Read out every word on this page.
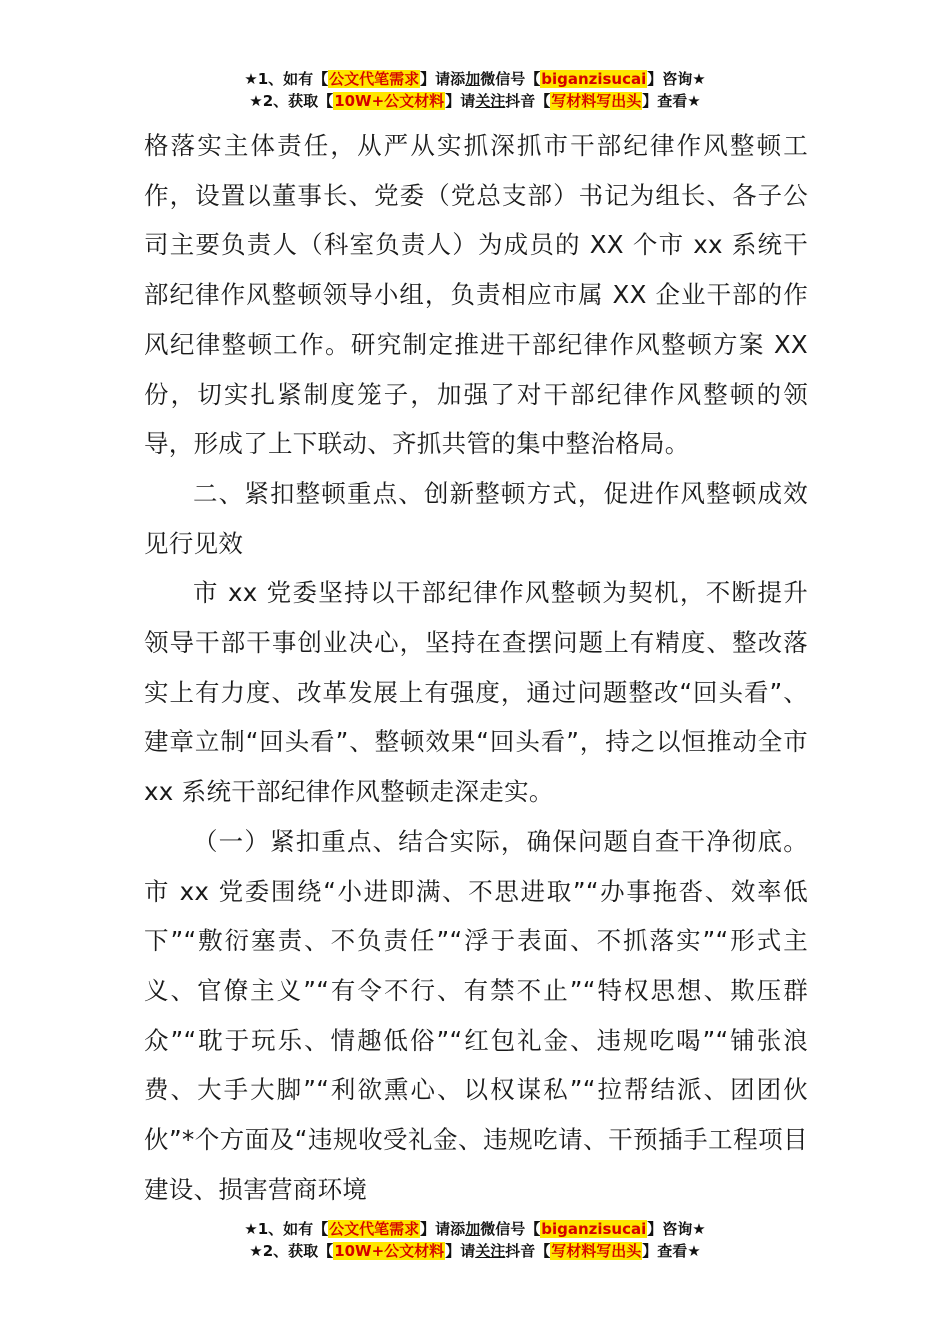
★1、如有【公文代笔需求】请添加微信号【biganzisucai】咨询★
★2、获取【10W+公文材料】请关注抖音【写材料写出头】查看★

格落实主体责任，从严从实抓深抓市干部纪律作风整顿工作，设置以董事长、党委（党总支部）书记为组长、各子公司主要负责人（科室负责人）为成员的 XX 个市 xx 系统干部纪律作风整顿领导小组，负责相应市属 XX 企业干部的作风纪律整顿工作。研究制定推进干部纪律作风整顿方案 XX 份，切实扎紧制度笼子，加强了对干部纪律作风整顿的领导，形成了上下联动、齐抓共管的集中整治格局。

二、紧扣整顿重点、创新整顿方式，促进作风整顿成效见行见效

市 xx 党委坚持以干部纪律作风整顿为契机，不断提升领导干部干事创业决心，坚持在查摆问题上有精度、整改落实上有力度、改革发展上有强度，通过问题整改“回头看”、建章立制“回头看”、整顿效果“回头看”，持之以恒推动全市 xx 系统干部纪律作风整顿走深走实。

（一）紧扣重点、结合实际，确保问题自查干净彻底。市 xx 党委围绕“小进即满、不思进取”“办事拖沓、效率低下”“敷衍塞责、不负责任”“浮于表面、不抓落实”“形式主义、官僚主义”“有令不行、有禁不止”“特权思想、欺压群众”“耽于玩乐、情趣低俗”“红包礼金、违规吃喝”“铺张浪费、大手大脚”“利欲熏心、以权谋私”“拉帮结派、团团伙伙”*个方面及“违规收受礼金、违规吃请、干预插手工程项目建设、损害营商环境

★1、如有【公文代笔需求】请添加微信号【biganzisucai】咨询★
★2、获取【10W+公文材料】请关注抖音【写材料写出头】查看★
